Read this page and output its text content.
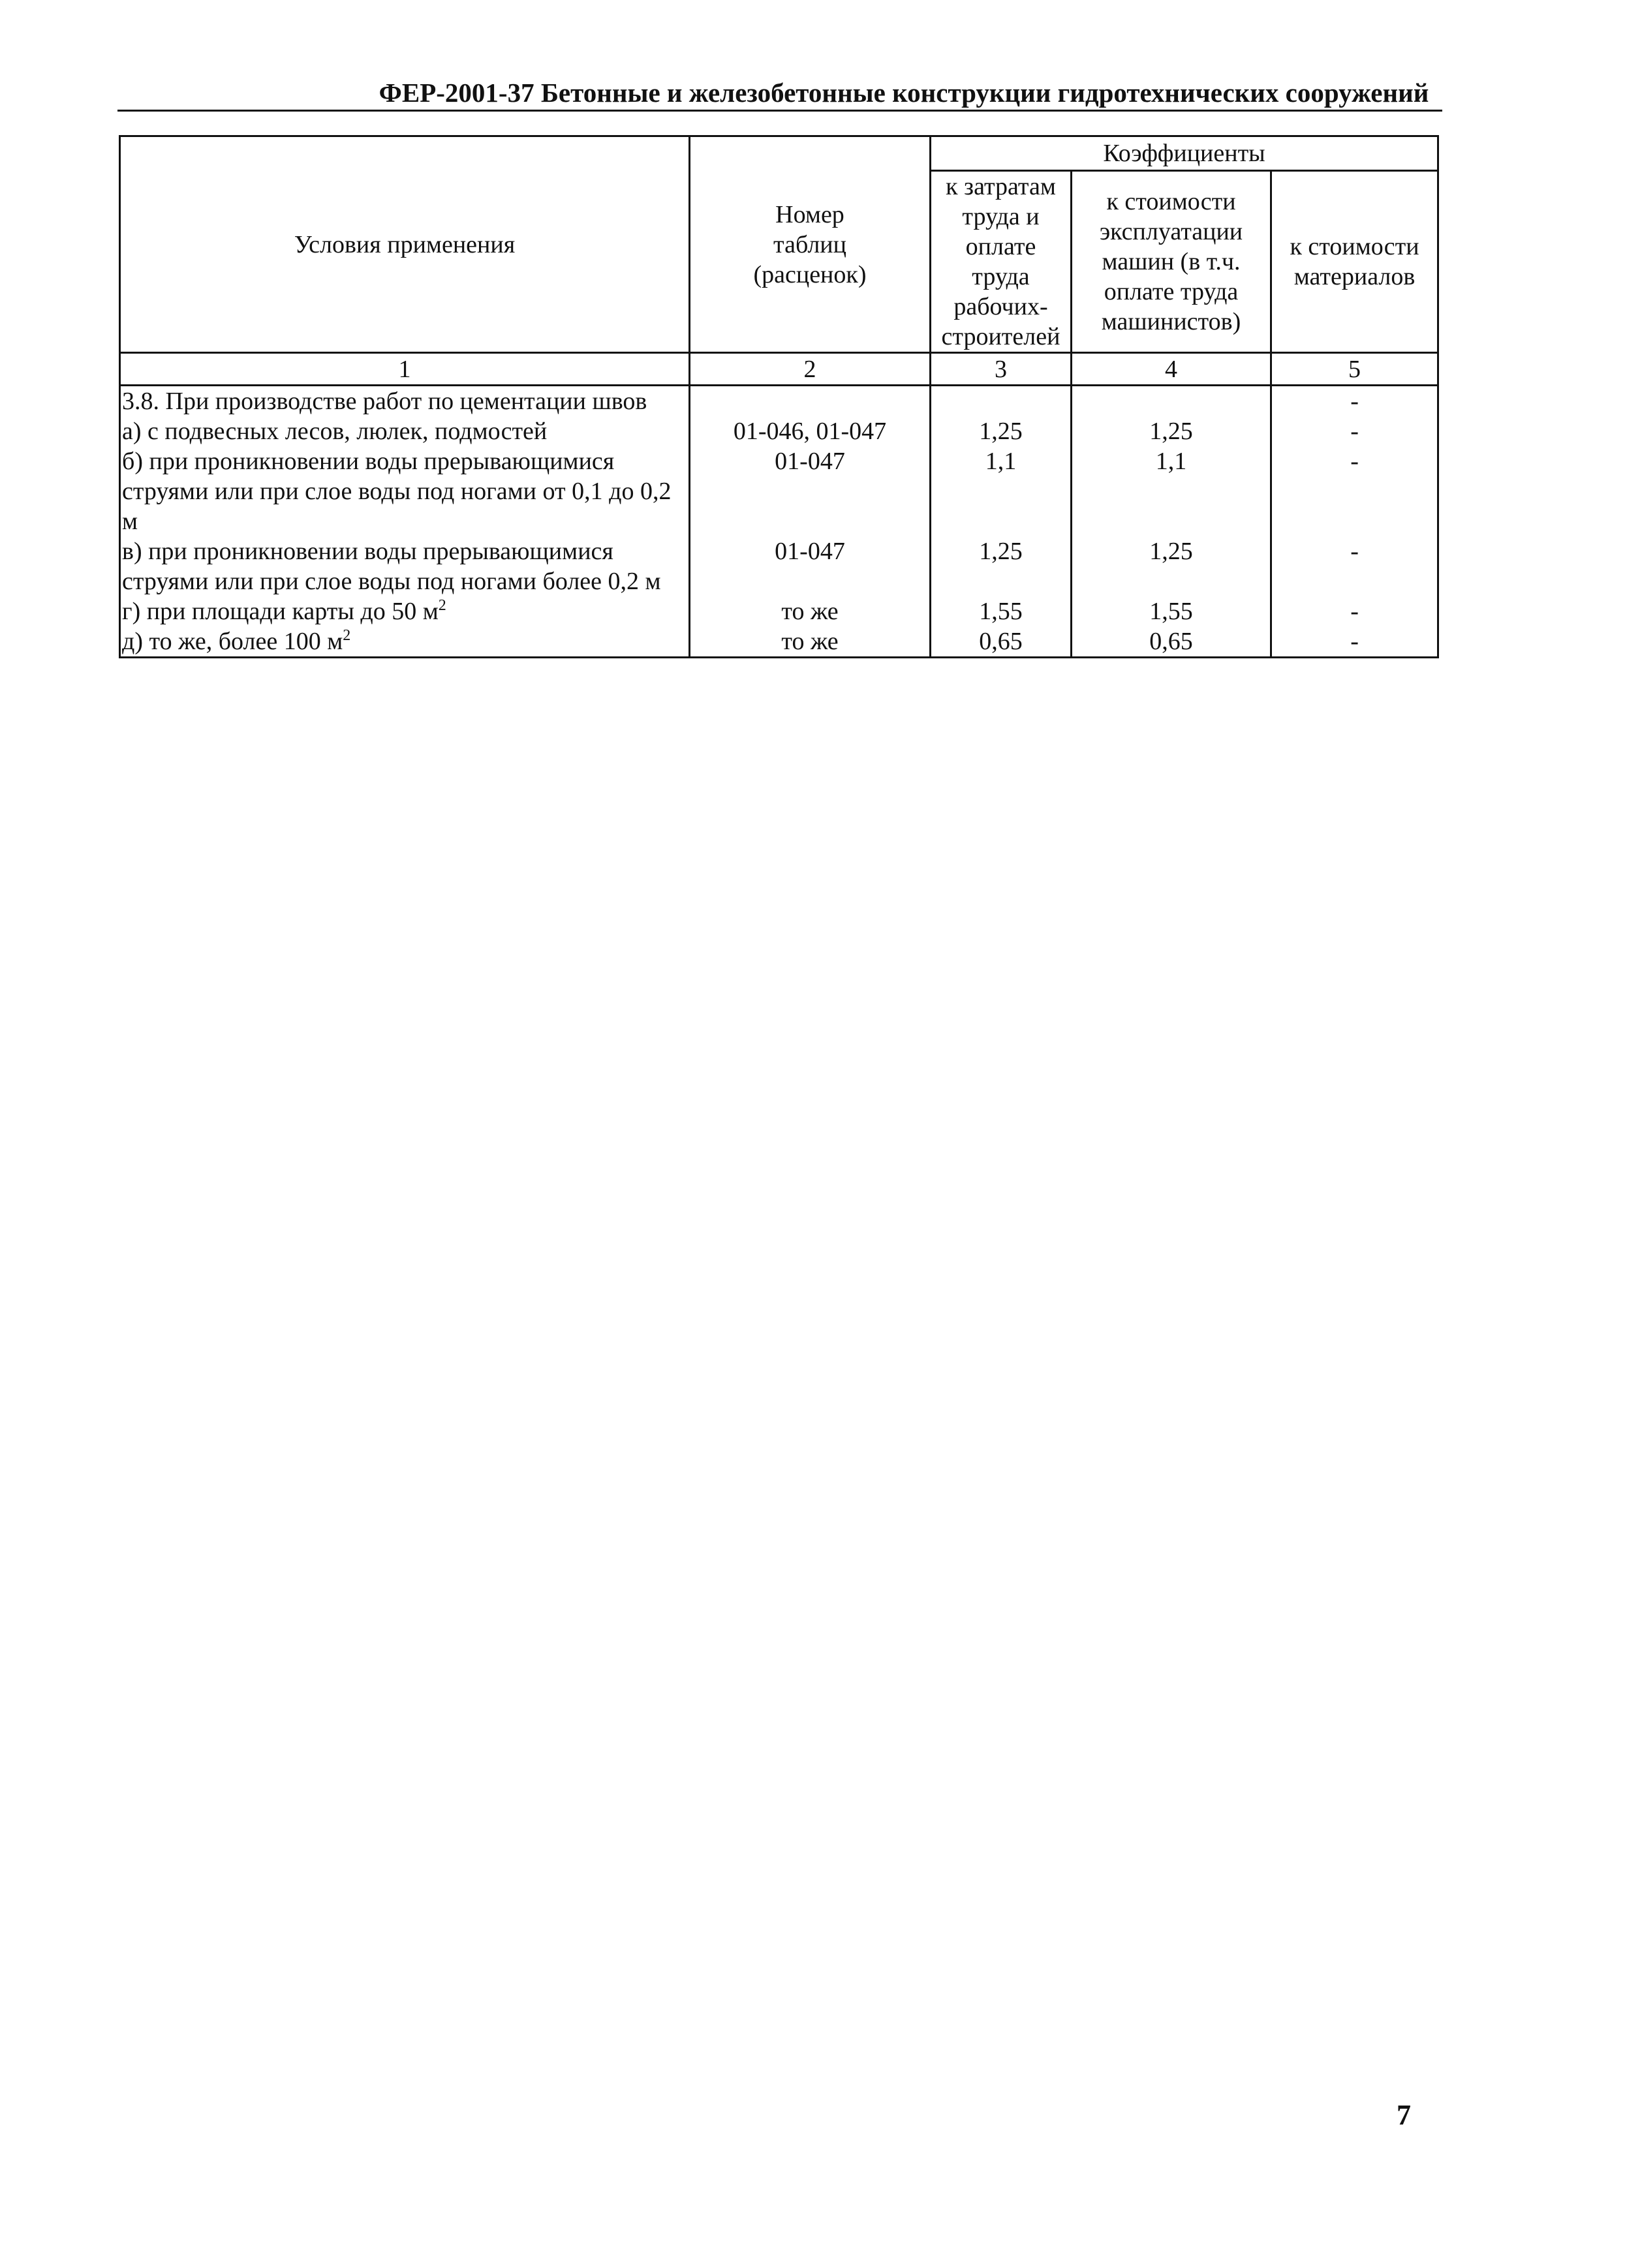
ФЕР-2001-37 Бетонные и железобетонные конструкции гидротехнических сооружений
Условия применения	Номер таблиц (расценок)	Коэффициенты		
		к затратам труда и оплате труда рабочих-строителей	к стоимости эксплуатации машин (в т.ч. оплате труда машинистов)	к стоимости материалов
1	2	3	4	5
3.8. При производстве работ по цементации швов				-
а) с подвесных лесов, люлек, подмостей	01-046, 01-047	1,25	1,25	-
б) при проникновении воды прерывающимися струями или при слое воды под ногами от 0,1 до 0,2 м	01-047	1,1	1,1	-
в) при проникновении воды прерывающимися струями или при слое воды под ногами более 0,2 м	01-047	1,25	1,25	-
г) при площади карты до 50 $м^2$	то же	1,55	1,55	-
д) то же, более 100 $м^2$	то же	0,65	0,65	-
7
